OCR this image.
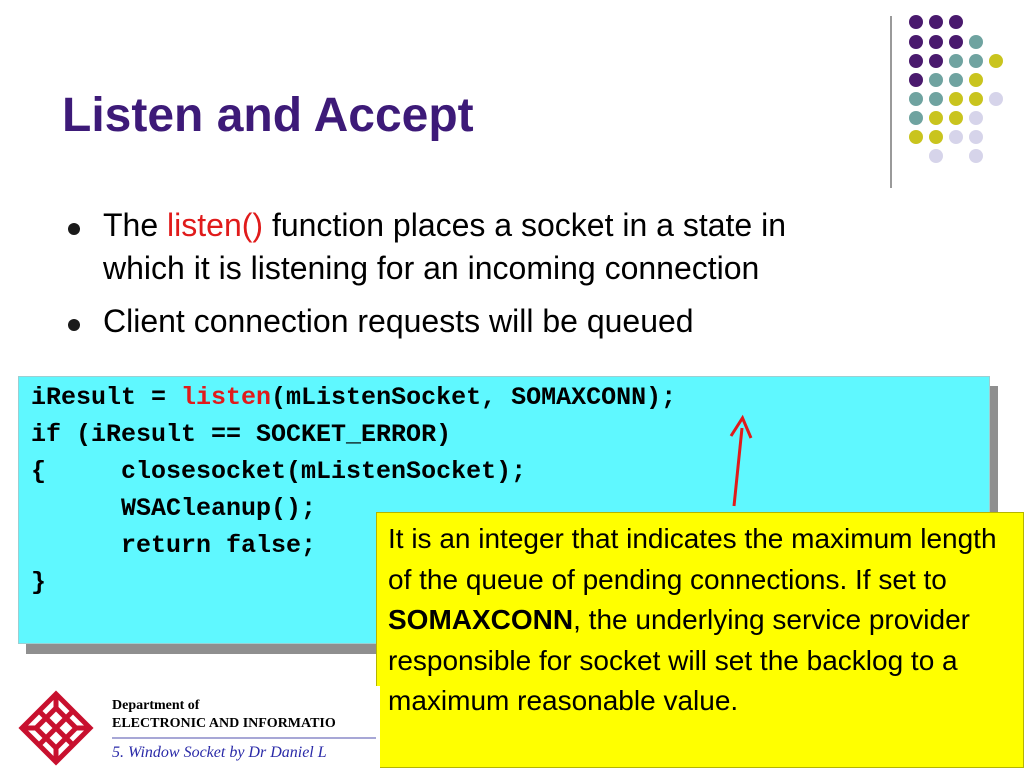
Listen and Accept
The listen() function places a socket in a state in
which it is listening for an incoming connection
Client connection requests will be queued
iResult = listen(mListenSocket, SOMAXCONN);
if (iResult == SOCKET_ERROR)
{     closesocket(mListenSocket);
WSACleanup();
return false;
}
It is an integer that indicates the maximum length of the queue of pending connections. If set to SOMAXCONN, the underlying service provider responsible for socket will set the backlog to a maximum reasonable value.
Department of
ELECTRONIC AND INFORMATIO
5. Window Socket by Dr Daniel L
